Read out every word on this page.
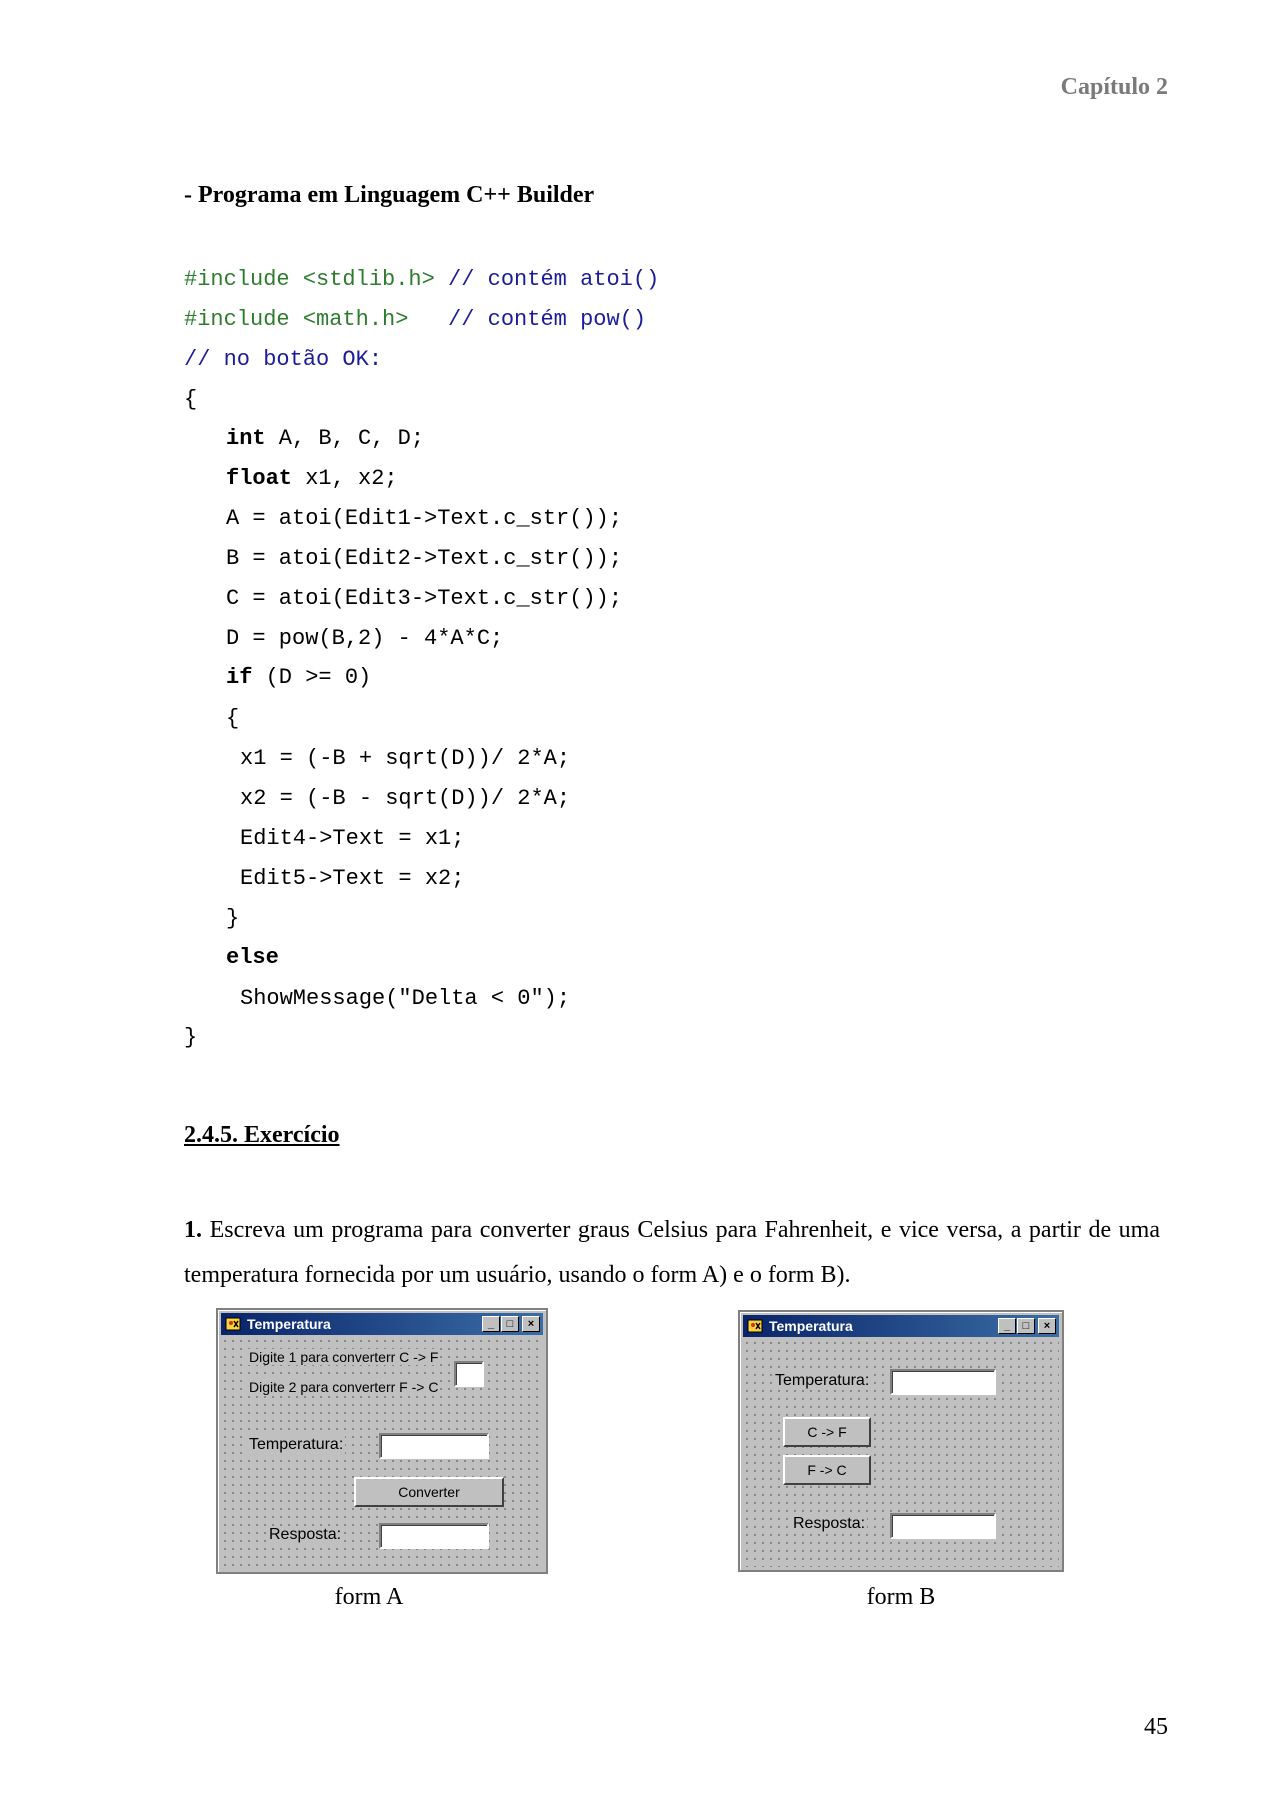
Capítulo 2
- Programa em Linguagem C++ Builder
#include <stdlib.h> // contém atoi()
#include <math.h>   // contém pow()
// no botão OK:
{
int A, B, C, D;
float x1, x2;
A = atoi(Edit1->Text.c_str());
B = atoi(Edit2->Text.c_str());
C = atoi(Edit3->Text.c_str());
D = pow(B,2) - 4*A*C;
if (D >= 0)
{
x1 = (-B + sqrt(D))/ 2*A;
x2 = (-B - sqrt(D))/ 2*A;
Edit4->Text = x1;
Edit5->Text = x2;
}
else
ShowMessage("Delta < 0");
}
2.4.5. Exercício
1. Escreva um programa para converter graus Celsius para Fahrenheit, e vice versa, a partir de uma temperatura fornecida por um usuário, usando o form A) e o form B).
Temperatura	_ □ ×
Digite 1 para converterr C -> F
Digite 2 para converterr F -> C
Temperatura:
Converter
Resposta:
form A
Temperatura	_ □ ×
Temperatura:
C -> F
F -> C
Resposta:
form B
45
